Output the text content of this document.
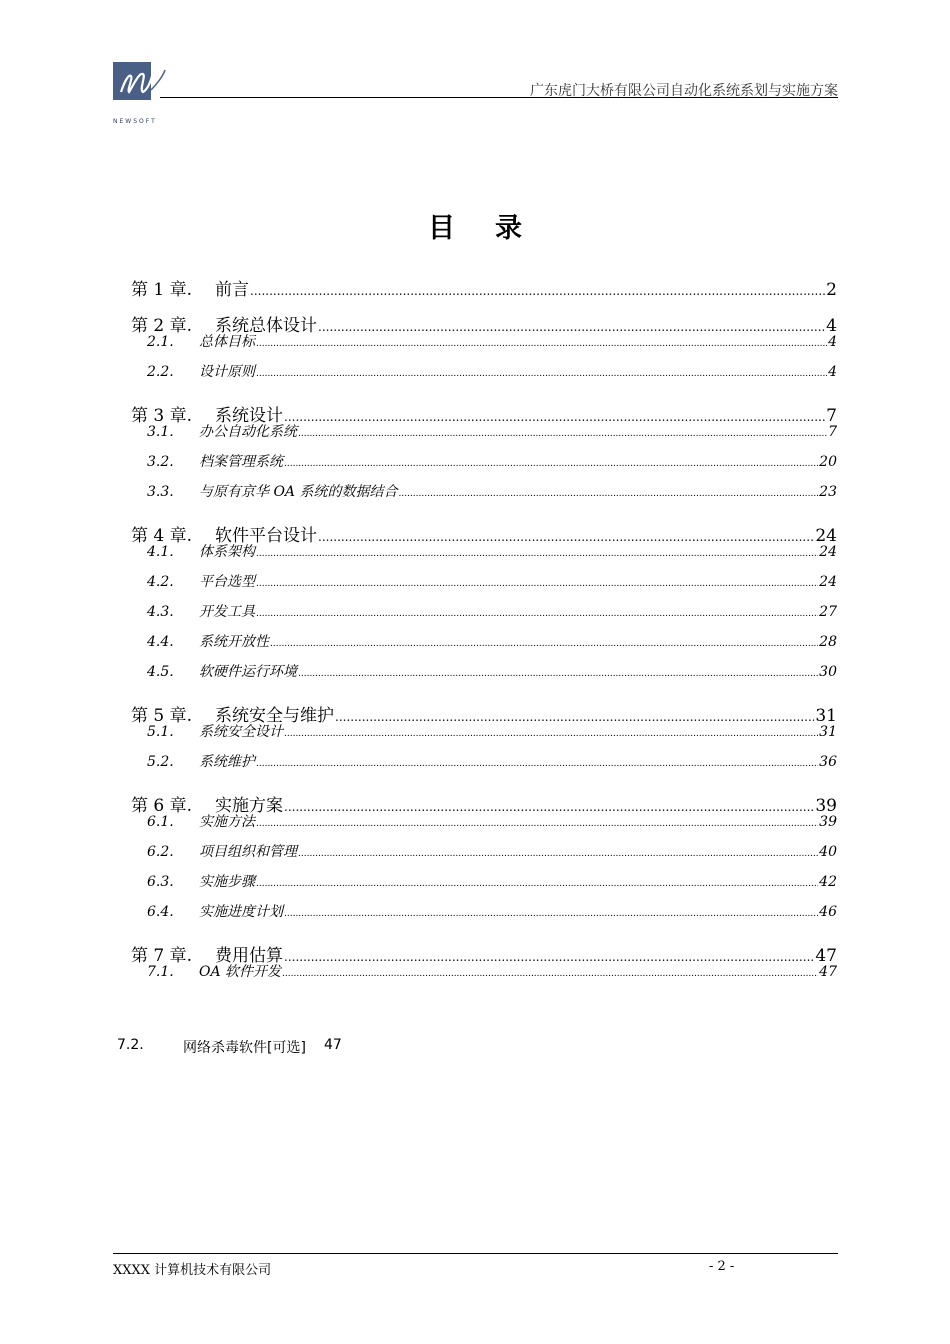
NEWSOFT
广东虎门大桥有限公司自动化系统系划与实施方案
目 录
第 1 章.	前言 .....	2
第 2 章.	系统总体设计 .....	4
2.1.	总体目标 .....	4
2.2.	设计原则 .....	4
第 3 章.	系统设计 .....	7
3.1.	办公自动化系统 .....	7
3.2.	档案管理系统 .....	20
3.3.	与原有京华 OA 系统的数据结合 .....	23
第 4 章.	软件平台设计 .....	24
4.1.	体系架构 .....	24
4.2.	平台选型 .....	24
4.3.	开发工具 .....	27
4.4.	系统开放性 .....	28
4.5.	软硬件运行环境 .....	30
第 5 章.	系统安全与维护 .....	31
5.1.	系统安全设计 .....	31
5.2.	系统维护 .....	36
第 6 章.	实施方案 .....	39
6.1.	实施方法 .....	39
6.2.	项目组织和管理 .....	40
6.3.	实施步骤 .....	42
6.4.	实施进度计划 .....	46
第 7 章.	费用估算 .....	47
7.1.	OA 软件开发 .....	47
7.2.	网络杀毒软件[可选] 47
XXXX 计算机技术有限公司	- 2 -
